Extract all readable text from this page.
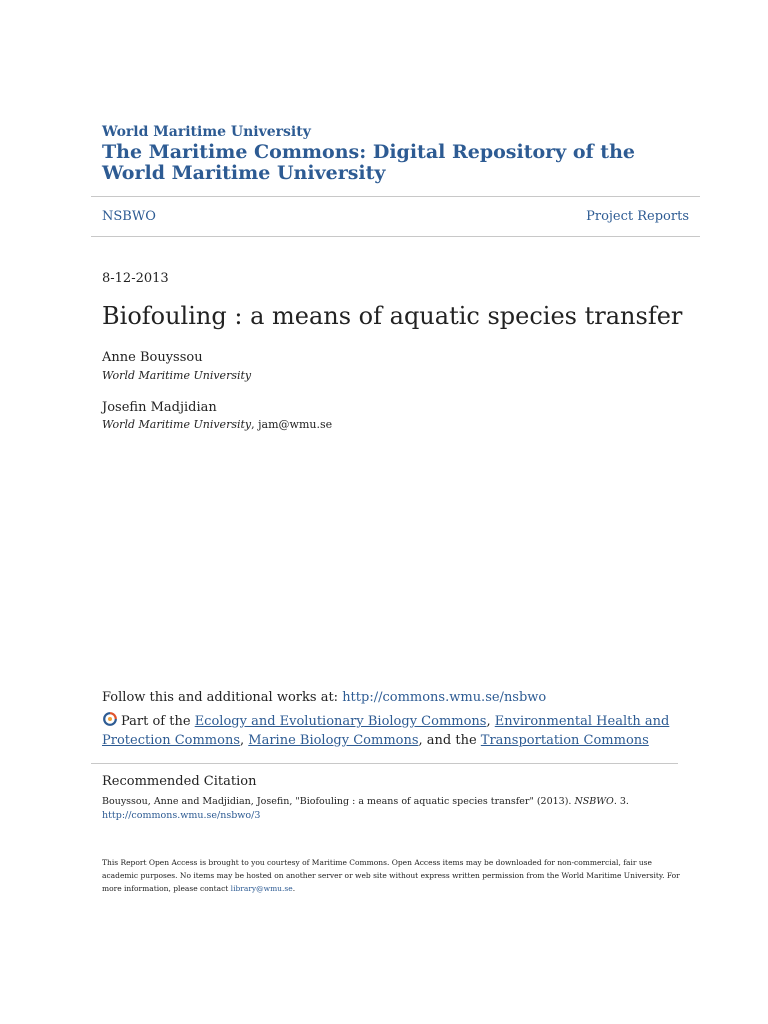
World Maritime University
The Maritime Commons: Digital Repository of the World Maritime University
NSBWO	Project Reports
8-12-2013
Biofouling : a means of aquatic species transfer
Anne Bouyssou
World Maritime University
Josefin Madjidian
World Maritime University, jam@wmu.se
Follow this and additional works at: http://commons.wmu.se/nsbwo
Part of the Ecology and Evolutionary Biology Commons, Environmental Health and Protection Commons, Marine Biology Commons, and the Transportation Commons
Recommended Citation
Bouyssou, Anne and Madjidian, Josefin, "Biofouling : a means of aquatic species transfer" (2013). NSBWO. 3.
http://commons.wmu.se/nsbwo/3
This Report Open Access is brought to you courtesy of Maritime Commons. Open Access items may be downloaded for non-commercial, fair use academic purposes. No items may be hosted on another server or web site without express written permission from the World Maritime University. For more information, please contact library@wmu.se.
